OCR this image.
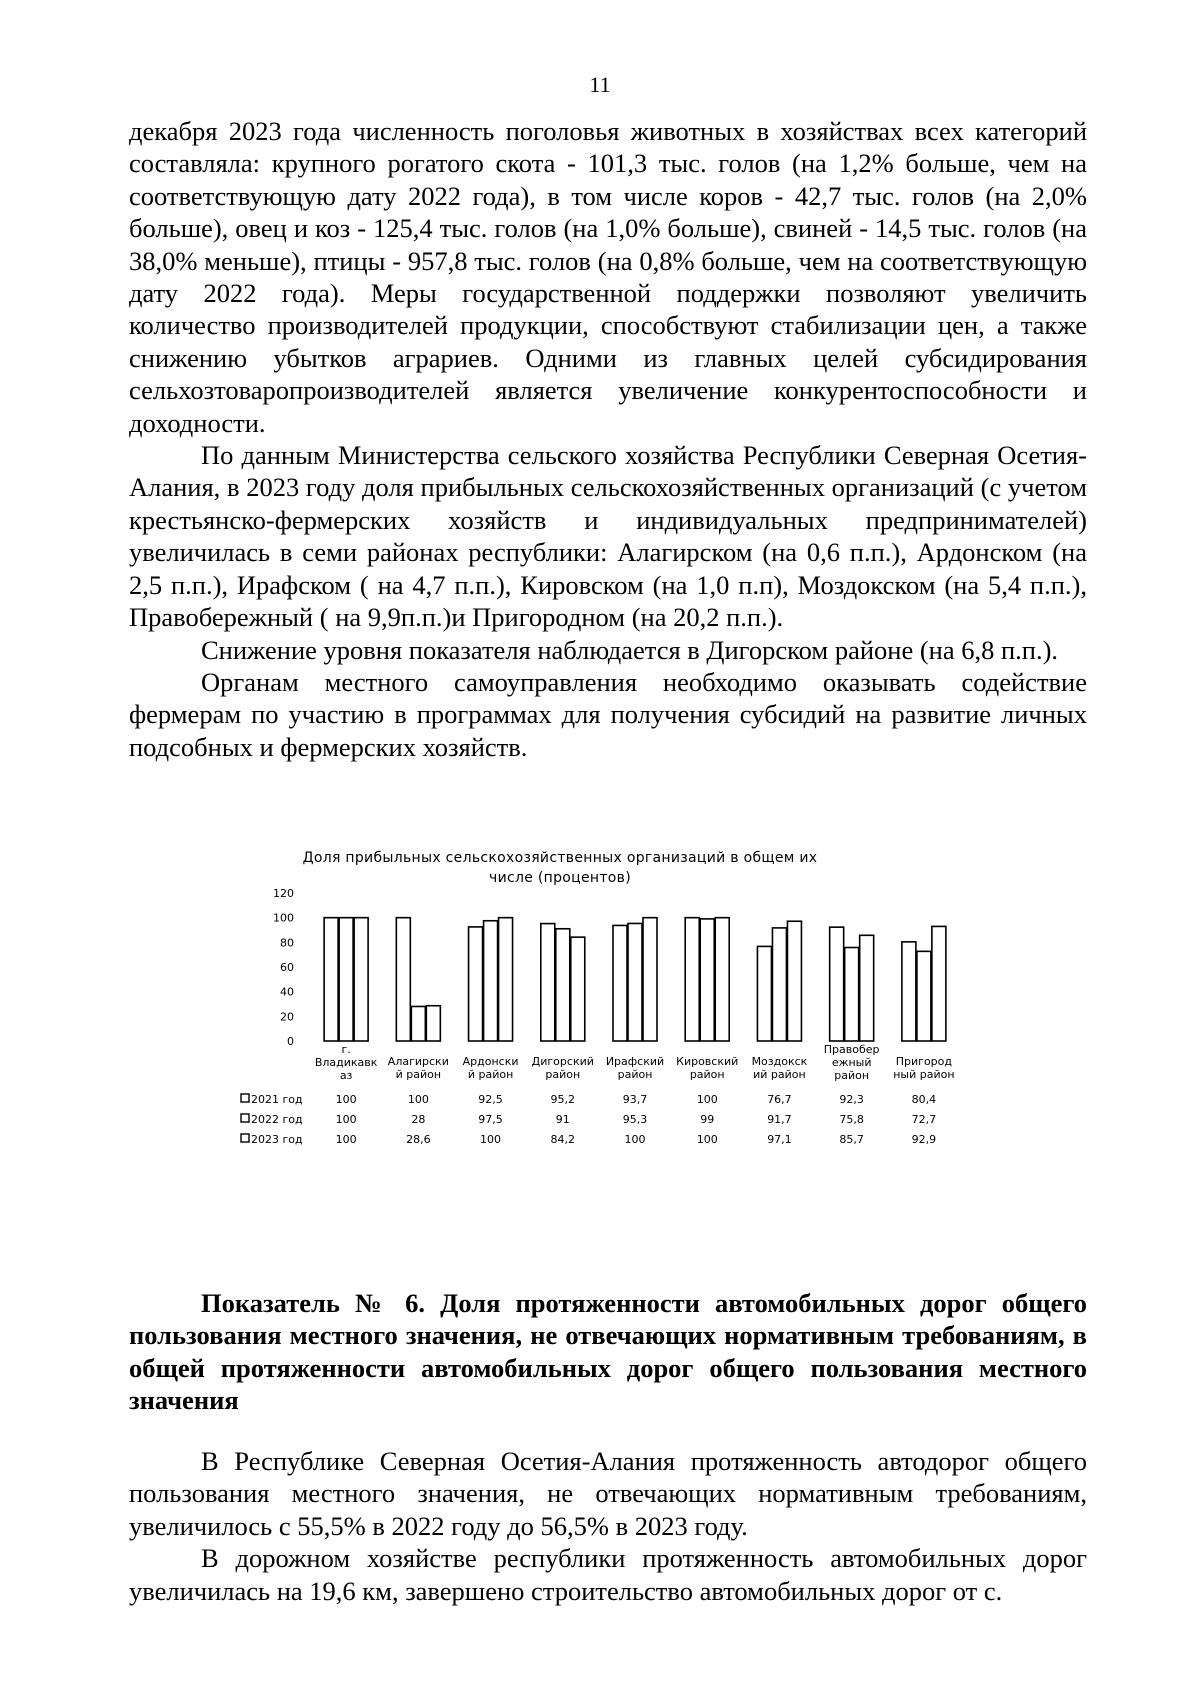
11

декабря 2023 года численность поголовья животных в хозяйствах всех категорий составляла: крупного рогатого скота - 101,3 тыс. голов (на 1,2% больше, чем на соответствующую дату 2022 года), в том числе коров - 42,7 тыс. голов (на 2,0% больше), овец и коз - 125,4 тыс. голов (на 1,0% больше), свиней - 14,5 тыс. голов (на 38,0% меньше), птицы - 957,8 тыс. голов (на 0,8% больше, чем на соответствующую дату 2022 года). Меры государственной поддержки позволяют увеличить количество производителей продукции, способствуют стабилизации цен, а также снижению убытков аграриев. Одними из главных целей субсидирования сельхозтоваропроизводителей является увеличение конкурентоспособности и доходности.

По данным Министерства сельского хозяйства Республики Северная Осетия-Алания, в 2023 году доля прибыльных сельскохозяйственных организаций (с учетом крестьянско-фермерских хозяйств и индивидуальных предпринимателей) увеличилась в семи районах республики: Алагирском (на 0,6 п.п.), Ардонском (на 2,5 п.п.), Ирафском ( на 4,7 п.п.), Кировском (на 1,0 п.п), Моздокском (на 5,4 п.п.), Правобережный ( на 9,9п.п.)и Пригородном (на 20,2 п.п.).

Снижение уровня показателя наблюдается в Дигорском районе (на 6,8 п.п.).

Органам местного самоуправления необходимо оказывать содействие фермерам по участию в программах для получения субсидий на развитие личных подсобных и фермерских хозяйств.

Доля прибыльных сельскохозяйственных организаций в общем их
числе (процентов)
0
20
40
60
80
100
120
г.
Владикавк
аз
Алагирски
й район
Ардонски
й район
Дигорский
район
Ирафский
район
Кировский
район
Моздокск
ий район
Правобер
ежный
район
Пригород
ный район
2021 год	100	100	92,5	95,2	93,7	100	76,7	92,3	80,4
2022 год	100	28	97,5	91	95,3	99	91,7	75,8	72,7
2023 год	100	28,6	100	84,2	100	100	97,1	85,7	92,9
Показатель № 6. Доля протяженности автомобильных дорог общего пользования местного значения, не отвечающих нормативным требованиям, в общей протяженности автомобильных дорог общего пользования местного значения

В Республике Северная Осетия-Алания протяженность автодорог общего пользования местного значения, не отвечающих нормативным требованиям, увеличилось с 55,5% в 2022 году до 56,5% в 2023 году.

В дорожном хозяйстве республики протяженность автомобильных дорог увеличилась на 19,6 км, завершено строительство автомобильных дорог от с.
